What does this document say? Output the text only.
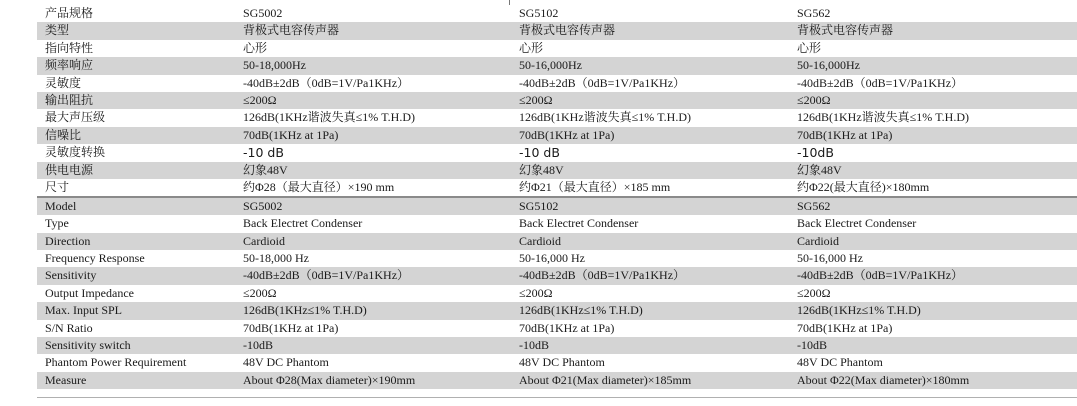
产品规格	SG5002	SG5102	SG562
类型	背极式电容传声器	背极式电容传声器	背极式电容传声器
指向特性	心形	心形	心形
频率响应	50-18,000Hz	50-16,000Hz	50-16,000Hz
灵敏度	-40dB±2dB（0dB=1V/Pa1KHz）	-40dB±2dB（0dB=1V/Pa1KHz）	-40dB±2dB（0dB=1V/Pa1KHz）
输出阻抗	≤200Ω	≤200Ω	≤200Ω
最大声压级	126dB(1KHz谐波失真≤1% T.H.D)	126dB(1KHz谐波失真≤1% T.H.D)	126dB(1KHz谐波失真≤1% T.H.D)
信噪比	70dB(1KHz at 1Pa)	70dB(1KHz at 1Pa)	70dB(1KHz at 1Pa)
灵敏度转换	-10 dB	-10 dB	-10dB
供电电源	幻象48V	幻象48V	幻象48V
尺寸	约Φ28（最大直径）×190 mm	约Φ21（最大直径）×185 mm	约Φ22(最大直径)×180mm
Model	SG5002	SG5102	SG562
Type	Back Electret Condenser	Back Electret Condenser	Back Electret Condenser
Direction	Cardioid	Cardioid	Cardioid
Frequency Response	50-18,000 Hz	50-16,000 Hz	50-16,000 Hz
Sensitivity	-40dB±2dB（0dB=1V/Pa1KHz）	-40dB±2dB（0dB=1V/Pa1KHz）	-40dB±2dB（0dB=1V/Pa1KHz）
Output Impedance	≤200Ω	≤200Ω	≤200Ω
Max. Input SPL	126dB(1KHz≤1% T.H.D)	126dB(1KHz≤1% T.H.D)	126dB(1KHz≤1% T.H.D)
S/N Ratio	70dB(1KHz at 1Pa)	70dB(1KHz at 1Pa)	70dB(1KHz at 1Pa)
Sensitivity switch	-10dB	-10dB	-10dB
Phantom Power Requirement	48V DC Phantom	48V DC Phantom	48V DC Phantom
Measure	About Φ28(Max diameter)×190mm	About Φ21(Max diameter)×185mm	About Φ22(Max diameter)×180mm
